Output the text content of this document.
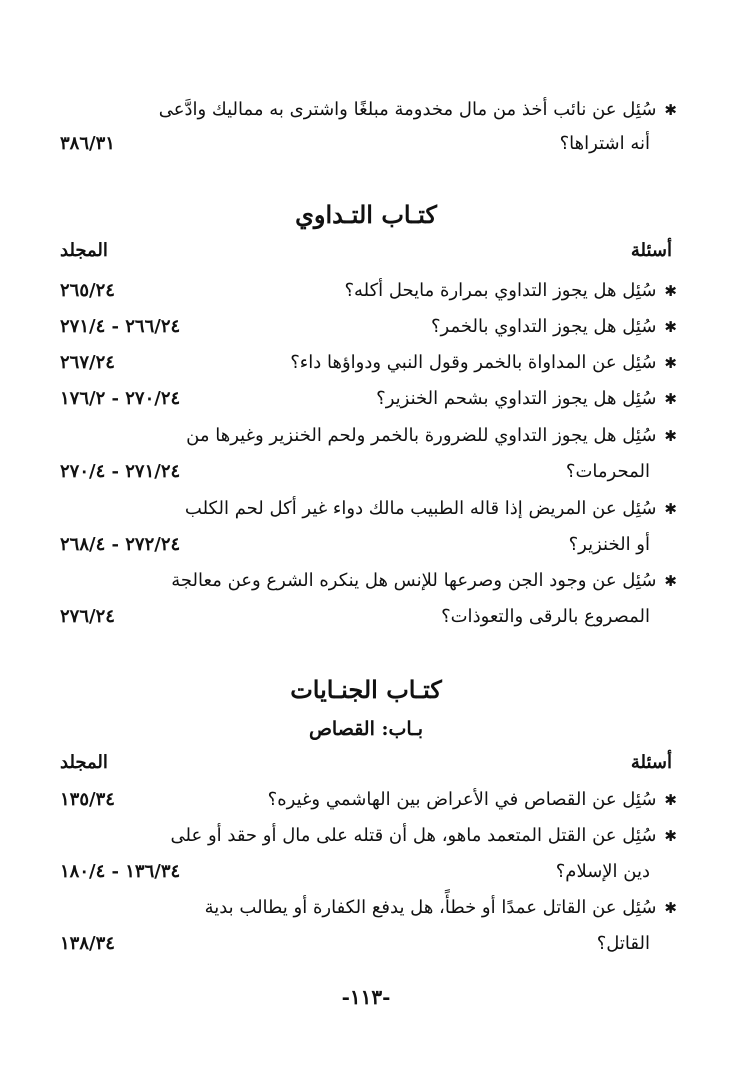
✱سُئِل عن نائب أخذ من مال مخدومة مبلغًا واشترى به مماليك وادَّعى
أنه اشتراها؟
٣٨٦/٣١
كتـاب التـداوي
أسئلة
المجلد
✱سُئِل هل يجوز التداوي بمرارة مايحل أكله؟
٢٦٥/٢٤
✱سُئِل هل يجوز التداوي بالخمر؟
٢٦٦/٢٤ - ٢٧١/٤
✱سُئِل عن المداواة بالخمر وقول النبي ودواؤها داء؟
٢٦٧/٢٤
✱سُئِل هل يجوز التداوي بشحم الخنزير؟
٢٧٠/٢٤ - ١٧٦/٢
✱سُئِل هل يجوز التداوي للضرورة بالخمر ولحم الخنزير وغيرها من
المحرمات؟
٢٧١/٢٤ - ٢٧٠/٤
✱سُئِل عن المريض إذا قاله الطبيب مالك دواء غير أكل لحم الكلب
أو الخنزير؟
٢٧٢/٢٤ - ٢٦٨/٤
✱سُئِل عن وجود الجن وصرعها للإنس هل ينكره الشرع وعن معالجة
المصروع بالرقى والتعوذات؟
٢٧٦/٢٤
كتـاب الجنـايات
بـاب: القصاص
أسئلة
المجلد
✱سُئِل عن القصاص في الأعراض بين الهاشمي وغيره؟
١٣٥/٣٤
✱سُئِل عن القتل المتعمد ماهو، هل أن قتله على مال أو حقد أو على
دين الإسلام؟
١٣٦/٣٤ - ١٨٠/٤
✱سُئِل عن القاتل عمدًا أو خطأً، هل يدفع الكفارة أو يطالب بدية
القاتل؟
١٣٨/٣٤
-١١٣-
